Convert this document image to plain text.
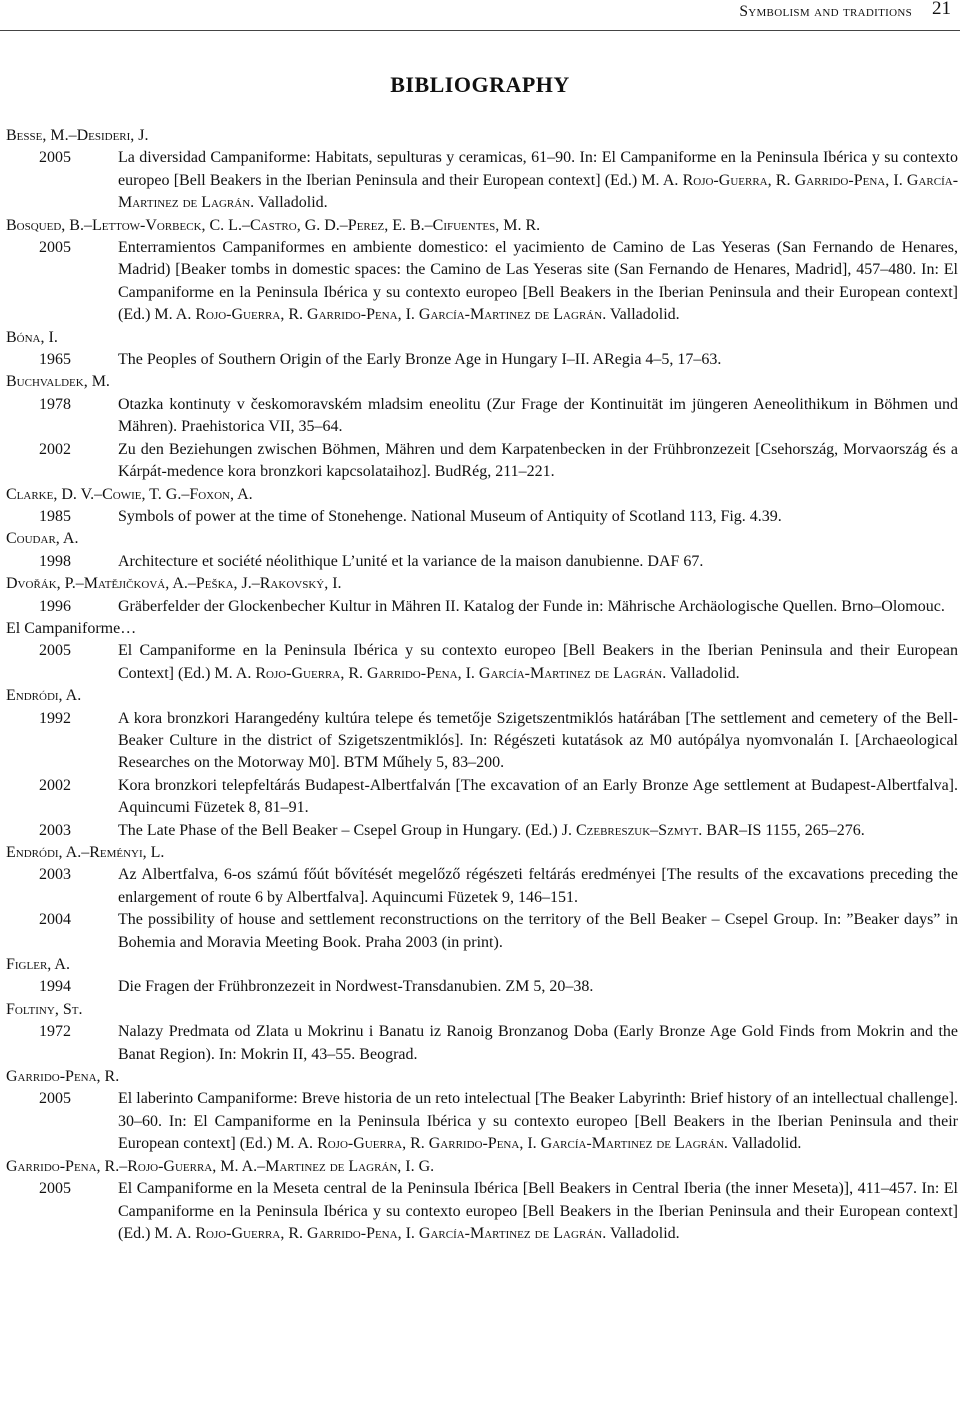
Symbolism and traditions 21
BIBLIOGRAPHY
Besse, M.–Desideri, J.
2005	La diversidad Campaniforme: Habitats, sepulturas y ceramicas, 61–90. In: El Campaniforme en la Peninsula Ibérica y su contexto europeo [Bell Beakers in the Iberian Peninsula and their European context] (Ed.) M. A. Rojo-Guerra, R. Garrido-Pena, I. García-Martinez de Lagrán. Valladolid.
Bosqued, B.–Lettow-Vorbeck, C. L.–Castro, G. D.–Perez, E. B.–Cifuentes, M. R.
2005	Enterramientos Campaniformes en ambiente domestico: el yacimiento de Camino de Las Yeseras (San Fernando de Henares, Madrid) [Beaker tombs in domestic spaces: the Camino de Las Yeseras site (San Fernando de Henares, Madrid], 457–480. In: El Campaniforme en la Peninsula Ibérica y su contexto europeo [Bell Beakers in the Iberian Peninsula and their European context] (Ed.) M. A. Rojo-Guerra, R. Garrido-Pena, I. García-Martinez de Lagrán. Valladolid.
Bóna, I.
1965	The Peoples of Southern Origin of the Early Bronze Age in Hungary I–II. ARegia 4–5, 17–63.
Buchvaldek, M.
1978	Otazka kontinuty v českomoravském mladsim eneolitu (Zur Frage der Kontinuität im jüngeren Aeneolithikum in Böhmen und Mähren). Praehistorica VII, 35–64.
2002	Zu den Beziehungen zwischen Böhmen, Mähren und dem Karpatenbecken in der Frühbronzezeit [Csehország, Morvaország és a Kárpát-medence kora bronzkori kapcsolataihoz]. BudRég, 211–221.
Clarke, D. V.–Cowie, T. G.–Foxon, A.
1985	Symbols of power at the time of Stonehenge. National Museum of Antiquity of Scotland 113, Fig. 4.39.
Coudar, A.
1998	Architecture et société néolithique L’unité et la variance de la maison danubienne. DAF 67.
Dvořák, P.–Matějičková, A.–Peška, J.–Rakovský, I.
1996	Gräberfelder der Glockenbecher Kultur in Mähren II. Katalog der Funde in: Mährische Archäologische Quellen. Brno–Olomouc.
El Campaniforme…
2005	El Campaniforme en la Peninsula Ibérica y su contexto europeo [Bell Beakers in the Iberian Peninsula and their European Context] (Ed.) M. A. Rojo-Guerra, R. Garrido-Pena, I. García-Martinez de Lagrán. Valladolid.
Endródi, A.
1992	A kora bronzkori Harangedény kultúra telepe és temetője Szigetszentmiklós határában [The settlement and cemetery of the Bell-Beaker Culture in the district of Szigetszentmiklós]. In: Régészeti kutatások az M0 autópálya nyomvonalán I. [Archaeological Researches on the Motorway M0]. BTM Műhely 5, 83–200.
2002	Kora bronzkori telepfeltárás Budapest-Albertfalván [The excavation of an Early Bronze Age settlement at Budapest-Albertfalva]. Aquincumi Füzetek 8, 81–91.
2003	The Late Phase of the Bell Beaker – Csepel Group in Hungary. (Ed.) J. Czebreszuk–Szmyt. BAR–IS 1155, 265–276.
Endródi, A.–Reményi, L.
2003	Az Albertfalva, 6-os számú főút bővítését megelőző régészeti feltárás eredményei [The results of the excavations preceding the enlargement of route 6 by Albertfalva]. Aquincumi Füzetek 9, 146–151.
2004	The possibility of house and settlement reconstructions on the territory of the Bell Beaker – Csepel Group. In: ”Beaker days” in Bohemia and Moravia Meeting Book. Praha 2003 (in print).
Figler, A.
1994	Die Fragen der Frühbronzezeit in Nordwest-Transdanubien. ZM 5, 20–38.
Foltiny, St.
1972	Nalazy Predmata od Zlata u Mokrinu i Banatu iz Ranoig Bronzanog Doba (Early Bronze Age Gold Finds from Mokrin and the Banat Region). In: Mokrin II, 43–55. Beograd.
Garrido-Pena, R.
2005	El laberinto Campaniforme: Breve historia de un reto intelectual [The Beaker Labyrinth: Brief history of an intellectual challenge]. 30–60. In: El Campaniforme en la Peninsula Ibérica y su contexto europeo [Bell Beakers in the Iberian Peninsula and their European context] (Ed.) M. A. Rojo-Guerra, R. Garrido-Pena, I. García-Martinez de Lagrán. Valladolid.
Garrido-Pena, R.–Rojo-Guerra, M. A.–Martinez de Lagrán, I. G.
2005	El Campaniforme en la Meseta central de la Peninsula Ibérica [Bell Beakers in Central Iberia (the inner Meseta)], 411–457. In: El Campaniforme en la Peninsula Ibérica y su contexto europeo [Bell Beakers in the Iberian Peninsula and their European context] (Ed.) M. A. Rojo-Guerra, R. Garrido-Pena, I. García-Martinez de Lagrán. Valladolid.
